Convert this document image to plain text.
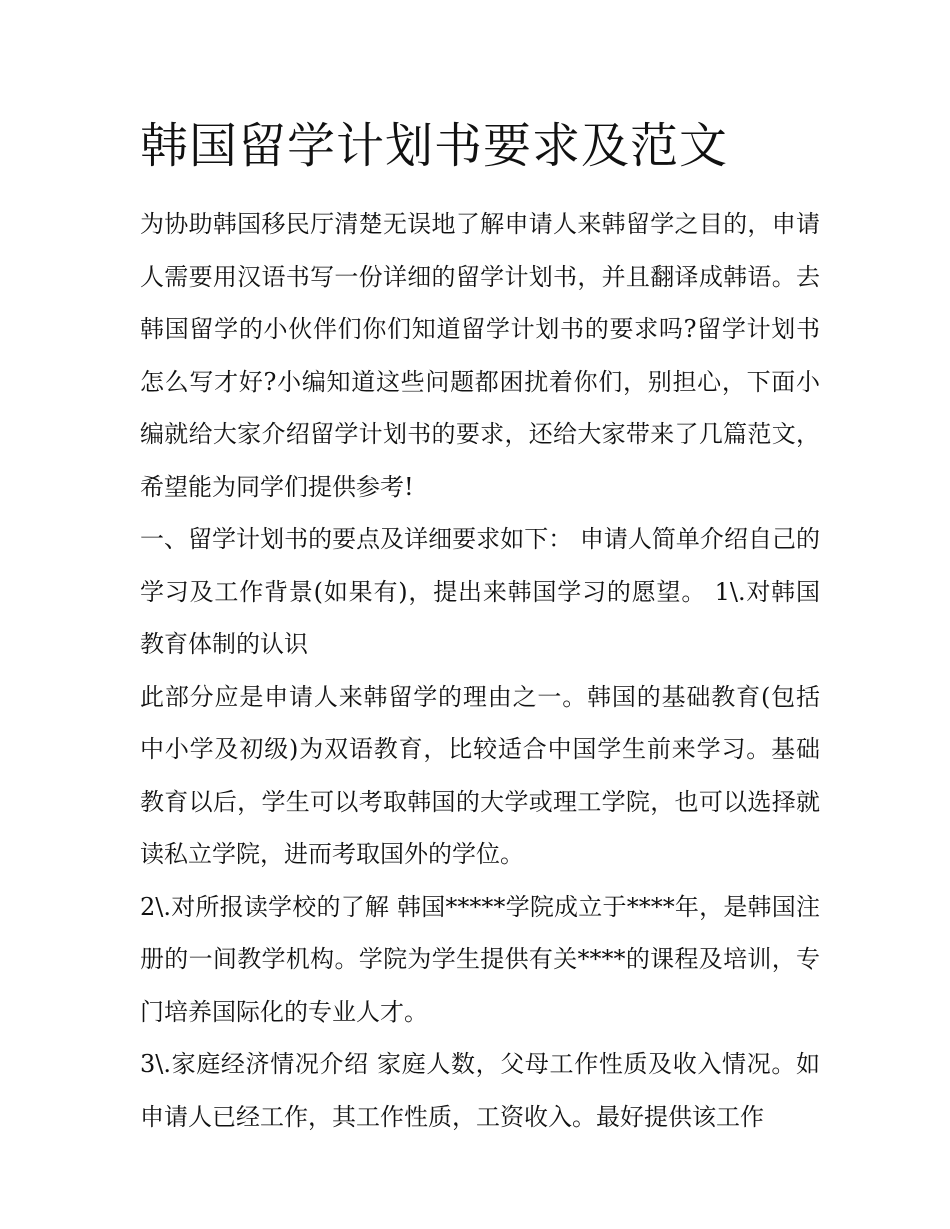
韩国留学计划书要求及范文

为协助韩国移民厅清楚无误地了解申请人来韩留学之目的，申请人需要用汉语书写一份详细的留学计划书，并且翻译成韩语。去韩国留学的小伙伴们你们知道留学计划书的要求吗?留学计划书怎么写才好?小编知道这些问题都困扰着你们，别担心，下面小编就给大家介绍留学计划书的要求，还给大家带来了几篇范文，希望能为同学们提供参考!

一、留学计划书的要点及详细要求如下： 申请人简单介绍自己的学习及工作背景(如果有)，提出来韩国学习的愿望。 1\.对韩国教育体制的认识

此部分应是申请人来韩留学的理由之一。韩国的基础教育(包括中小学及初级)为双语教育，比较适合中国学生前来学习。基础教育以后，学生可以考取韩国的大学或理工学院，也可以选择就读私立学院，进而考取国外的学位。

2\.对所报读学校的了解 韩国*****学院成立于****年，是韩国注册的一间教学机构。学院为学生提供有关****的课程及培训，专门培养国际化的专业人才。

3\.家庭经济情况介绍 家庭人数，父母工作性质及收入情况。如申请人已经工作，其工作性质，工资收入。最好提供该工作
